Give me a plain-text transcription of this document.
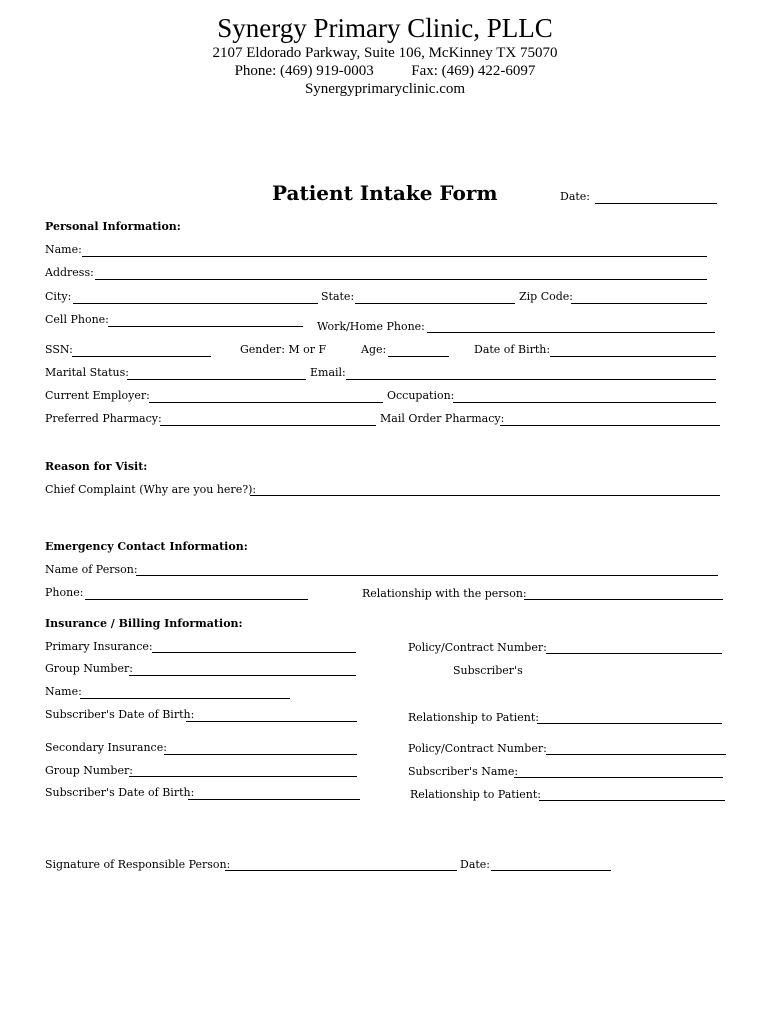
Synergy Primary Clinic, PLLC
2107 Eldorado Parkway, Suite 106, McKinney TX 75070
Phone: (469) 919-0003	Fax: (469) 422-6097
Synergyprimaryclinic.com
Patient Intake Form	Date:
Personal Information:
Name:
Address:
City:	State:	Zip Code:
Cell Phone:
Work/Home Phone:
SSN:	Gender: M or F	Age:	Date of Birth:
Marital Status:	Email:
Current Employer:	Occupation:
Preferred Pharmacy:	Mail Order Pharmacy:
Reason for Visit:
Chief Complaint (Why are you here?):
Emergency Contact Information:
Name of Person:
Phone:	Relationship with the person:
Insurance / Billing Information:
Primary Insurance:	Policy/Contract Number:
Group Number:	Subscriber's
Name:
Subscriber's Date of Birth:	Relationship to Patient:
Secondary Insurance:	Policy/Contract Number:
Group Number:	Subscriber's Name:
Subscriber's Date of Birth:	Relationship to Patient:
Signature of Responsible Person:	Date:
